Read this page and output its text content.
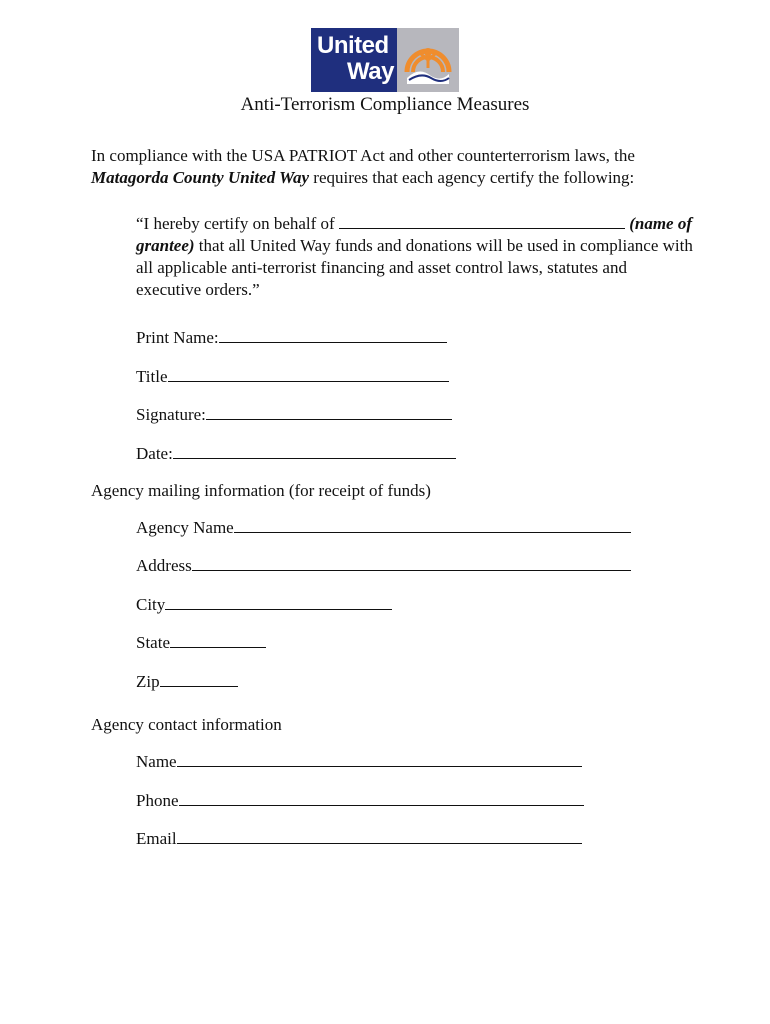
United
Way
Anti-Terrorism Compliance Measures
In compliance with the USA PATRIOT Act and other counterterrorism laws, the
Matagorda County United Way requires that each agency certify the following:
“I hereby certify on behalf of	(name of grantee) that all United Way funds and donations will be used in compliance with all applicable anti-terrorist financing and asset control laws, statutes and executive orders.”
Print Name:
Title
Signature:
Date:
Agency mailing information (for receipt of funds)
Agency Name
Address
City
State
Zip
Agency contact information
Name
Phone
Email
